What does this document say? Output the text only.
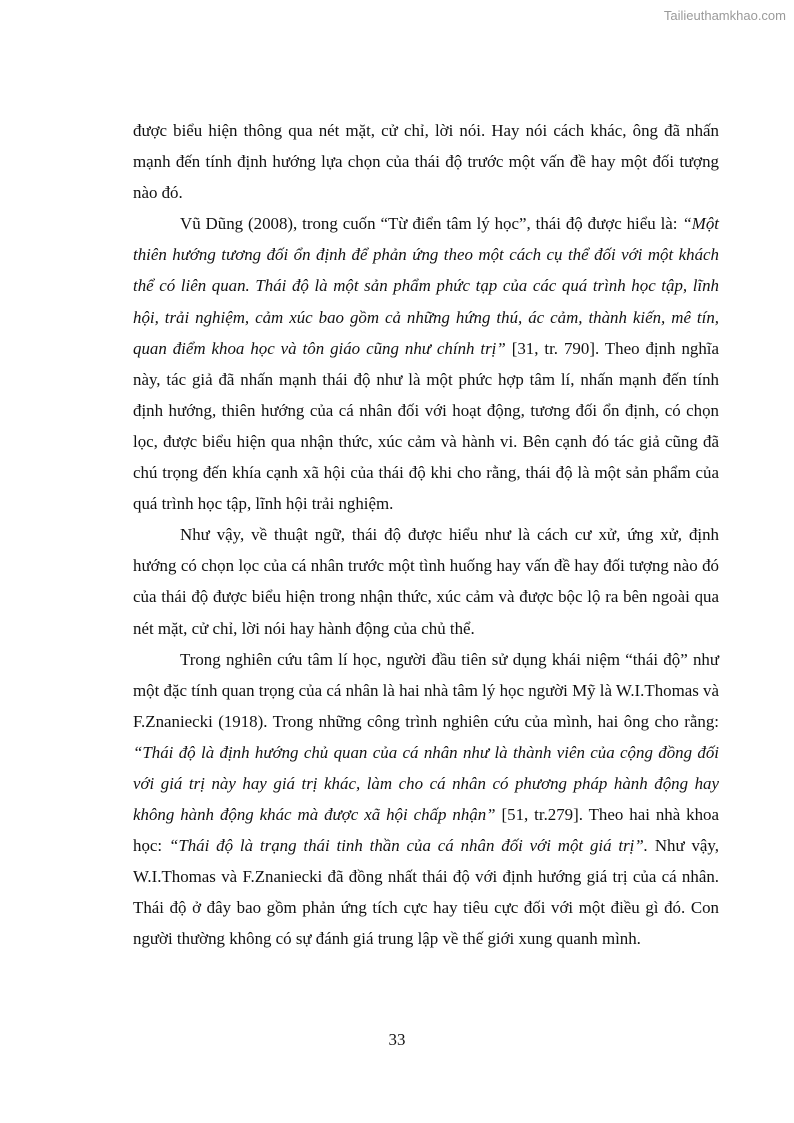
Tailieuthamkhao.com

được biểu hiện thông qua nét mặt, cử chỉ, lời nói. Hay nói cách khác, ông đã nhấn mạnh đến tính định hướng lựa chọn của thái độ trước một vấn đề hay một đối tượng nào đó.

Vũ Dũng (2008), trong cuốn “Từ điển tâm lý học”, thái độ được hiểu là: “Một thiên hướng tương đối ổn định để phản ứng theo một cách cụ thể đối với một khách thể có liên quan. Thái độ là một sản phẩm phức tạp của các quá trình học tập, lĩnh hội, trải nghiệm, cảm xúc bao gồm cả những hứng thú, ác cảm, thành kiến, mê tín, quan điểm khoa học và tôn giáo cũng như chính trị” [31, tr. 790]. Theo định nghĩa này, tác giả đã nhấn mạnh thái độ như là một phức hợp tâm lí, nhấn mạnh đến tính định hướng, thiên hướng của cá nhân đối với hoạt động, tương đối ổn định, có chọn lọc, được biểu hiện qua nhận thức, xúc cảm và hành vi. Bên cạnh đó tác giả cũng đã chú trọng đến khía cạnh xã hội của thái độ khi cho rằng, thái độ là một sản phẩm của quá trình học tập, lĩnh hội trải nghiệm.

Như vậy, về thuật ngữ, thái độ được hiểu như là cách cư xử, ứng xử, định hướng có chọn lọc của cá nhân trước một tình huống hay vấn đề hay đối tượng nào đó của thái độ được biểu hiện trong nhận thức, xúc cảm và được bộc lộ ra bên ngoài qua nét mặt, cử chỉ, lời nói hay hành động của chủ thể.

Trong nghiên cứu tâm lí học, người đầu tiên sử dụng khái niệm “thái độ” như một đặc tính quan trọng của cá nhân là hai nhà tâm lý học người Mỹ là W.I.Thomas và F.Znaniecki (1918). Trong những công trình nghiên cứu của mình, hai ông cho rằng: “Thái độ là định hướng chủ quan của cá nhân như là thành viên của cộng đồng đối với giá trị này hay giá trị khác, làm cho cá nhân có phương pháp hành động hay không hành động khác mà được xã hội chấp nhận” [51, tr.279]. Theo hai nhà khoa học: “Thái độ là trạng thái tinh thần của cá nhân đối với một giá trị”. Như vậy, W.I.Thomas và F.Znaniecki đã đồng nhất thái độ với định hướng giá trị của cá nhân. Thái độ ở đây bao gồm phản ứng tích cực hay tiêu cực đối với một điều gì đó. Con người thường không có sự đánh giá trung lập về thế giới xung quanh mình.

33
